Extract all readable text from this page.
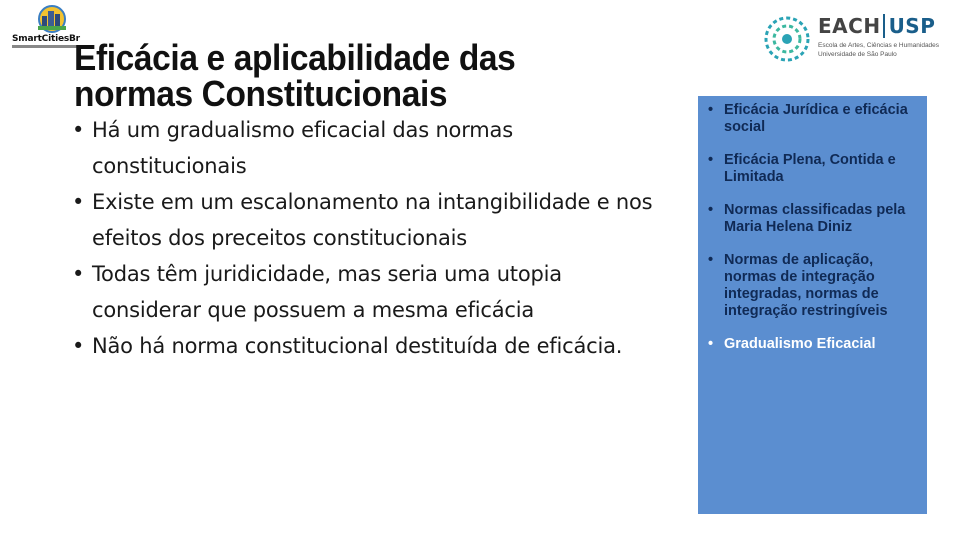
SmartCitiesBr
Eficácia e aplicabilidade das normas Constitucionais
• Há um gradualismo eficacial das normas constitucionais
• Existe em um escalonamento na intangibilidade e nos efeitos dos preceitos constitucionais
• Todas têm juridicidade, mas seria uma utopia considerar que possuem a mesma eficácia
• Não há norma constitucional destituída de eficácia.
EACH USP
Escola de Artes, Ciências e Humanidades
Universidade de São Paulo
• Eficácia Jurídica e eficácia social
• Eficácia Plena, Contida e Limitada
• Normas classificadas pela Maria Helena Diniz
• Normas de aplicação, normas de integração integradas, normas de integração restringíveis
• Gradualismo Eficacial
